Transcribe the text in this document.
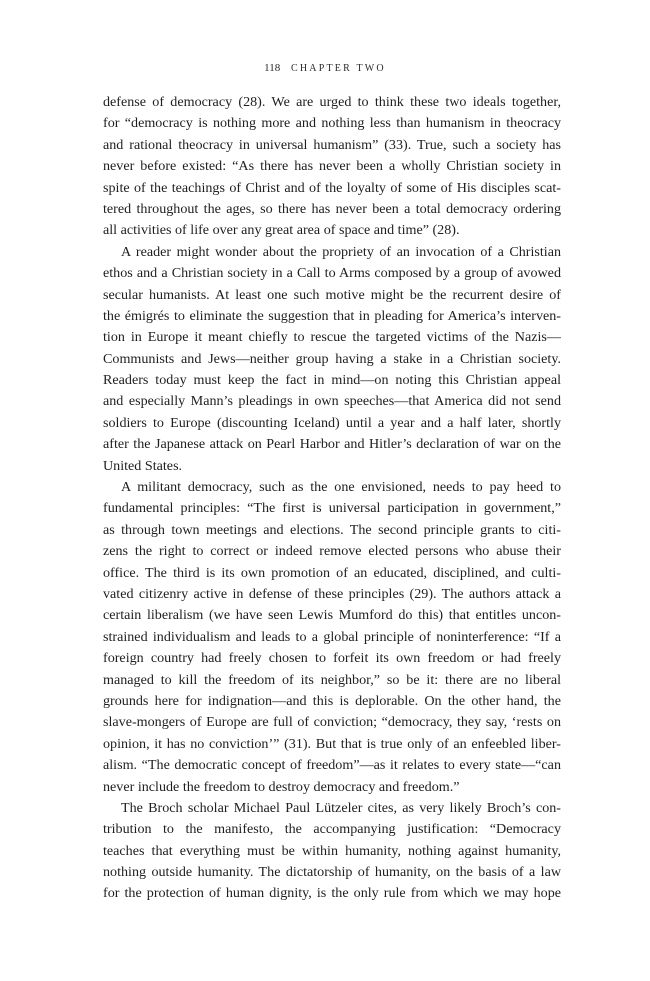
118 CHAPTER TWO
defense of democracy (28). We are urged to think these two ideals together,
for “democracy is nothing more and nothing less than humanism in theocracy
and rational theocracy in universal humanism” (33). True, such a society has
never before existed: “As there has never been a wholly Christian society in
spite of the teachings of Christ and of the loyalty of some of His disciples scat-
tered throughout the ages, so there has never been a total democracy ordering
all activities of life over any great area of space and time” (28).
A reader might wonder about the propriety of an invocation of a Christian
ethos and a Christian society in a Call to Arms composed by a group of avowed
secular humanists. At least one such motive might be the recurrent desire of
the émigrés to eliminate the suggestion that in pleading for America’s interven-
tion in Europe it meant chiefly to rescue the targeted victims of the Nazis—
Communists and Jews—neither group having a stake in a Christian society.
Readers today must keep the fact in mind—on noting this Christian appeal
and especially Mann’s pleadings in own speeches—that America did not send
soldiers to Europe (discounting Iceland) until a year and a half later, shortly
after the Japanese attack on Pearl Harbor and Hitler’s declaration of war on the
United States.
A militant democracy, such as the one envisioned, needs to pay heed to
fundamental principles: “The first is universal participation in government,”
as through town meetings and elections. The second principle grants to citi-
zens the right to correct or indeed remove elected persons who abuse their
office. The third is its own promotion of an educated, disciplined, and culti-
vated citizenry active in defense of these principles (29). The authors attack a
certain liberalism (we have seen Lewis Mumford do this) that entitles uncon-
strained individualism and leads to a global principle of noninterference: “If a
foreign country had freely chosen to forfeit its own freedom or had freely
managed to kill the freedom of its neighbor,” so be it: there are no liberal
grounds here for indignation—and this is deplorable. On the other hand, the
slave-mongers of Europe are full of conviction; “democracy, they say, ‘rests on
opinion, it has no conviction’” (31). But that is true only of an enfeebled liber-
alism. “The democratic concept of freedom”—as it relates to every state—“can
never include the freedom to destroy democracy and freedom.”
The Broch scholar Michael Paul Lützeler cites, as very likely Broch’s con-
tribution to the manifesto, the accompanying justification: “Democracy
teaches that everything must be within humanity, nothing against humanity,
nothing outside humanity. The dictatorship of humanity, on the basis of a law
for the protection of human dignity, is the only rule from which we may hope
